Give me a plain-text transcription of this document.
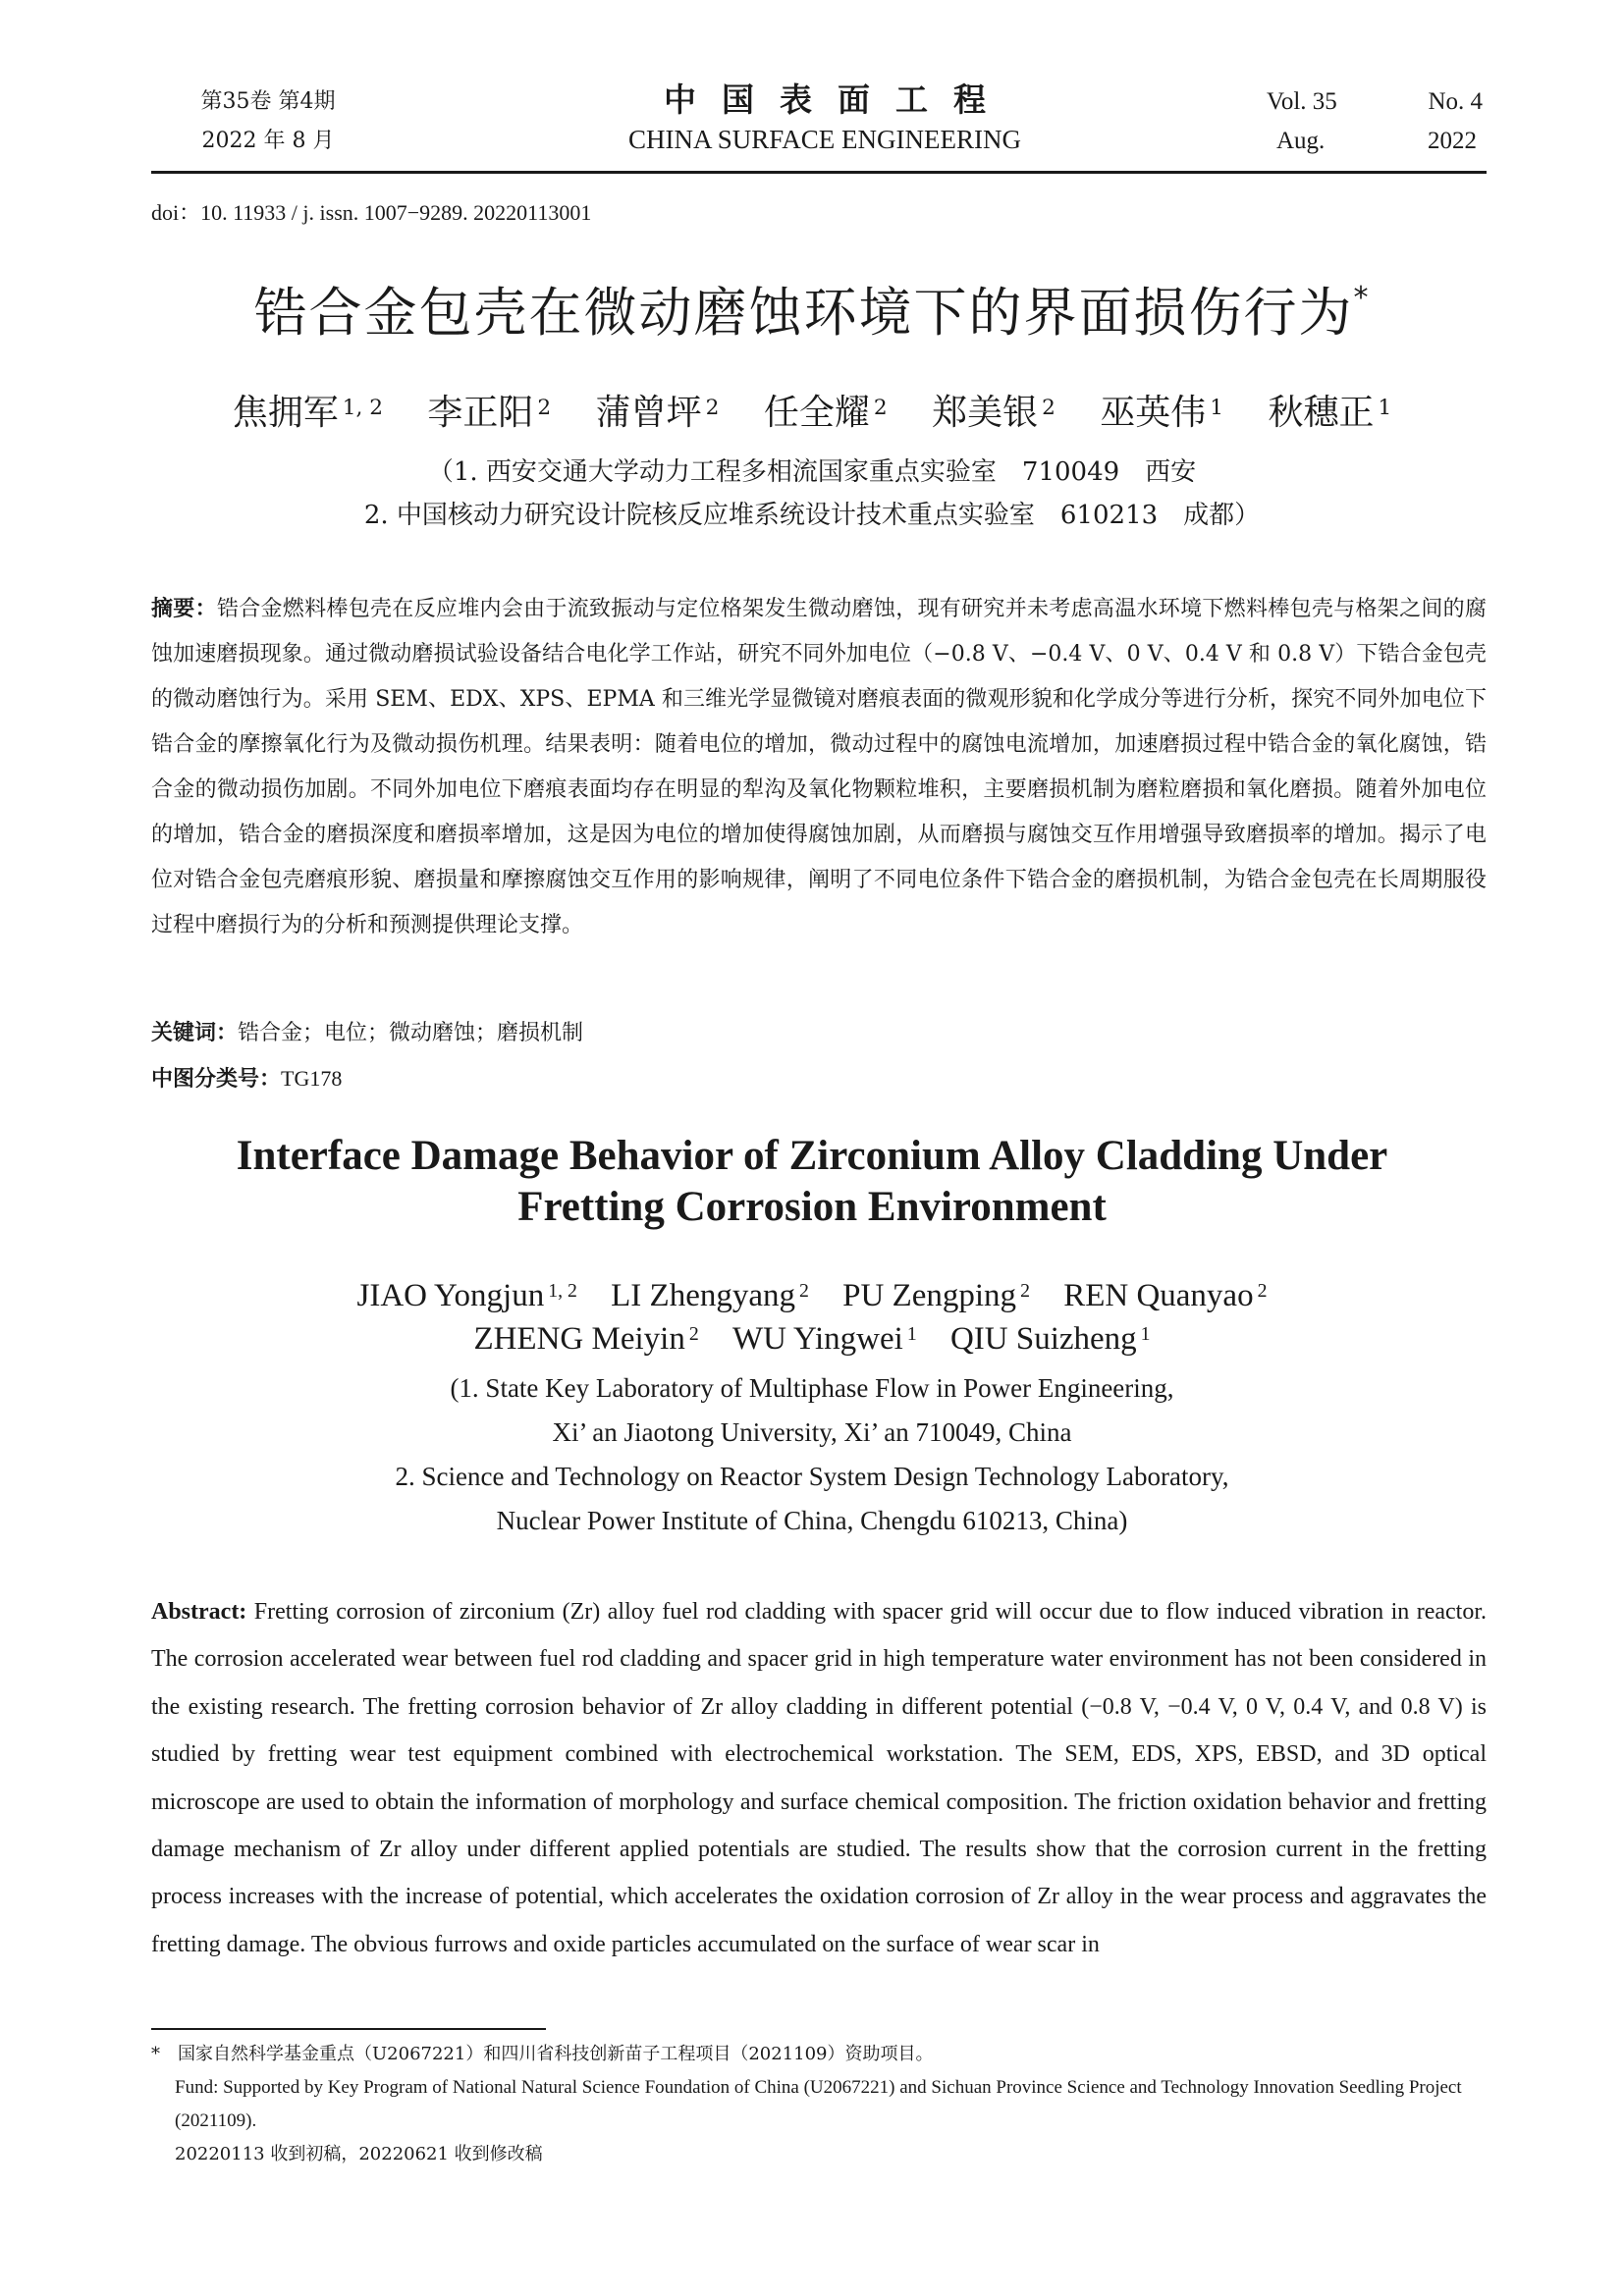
第35卷 第4期
2022 年 8 月
中国表面工程
CHINA SURFACE ENGINEERING
Vol. 35	No. 4
Aug.	2022
doi：10. 11933 / j. issn. 1007−9289. 20220113001
锆合金包壳在微动磨蚀环境下的界面损伤行为*
焦拥军 $^{1, 2}$ 李正阳 $^2$ 蒲曾坪 $^2$ 任全耀 $^2$ 郑美银 $^2$ 巫英伟 $^1$ 秋穗正 $^1$
（1. 西安交通大学动力工程多相流国家重点实验室　710049　西安
2. 中国核动力研究设计院核反应堆系统设计技术重点实验室　610213　成都）
摘要：锆合金燃料棒包壳在反应堆内会由于流致振动与定位格架发生微动磨蚀，现有研究并未考虑高温水环境下燃料棒包壳与格架之间的腐蚀加速磨损现象。通过微动磨损试验设备结合电化学工作站，研究不同外加电位（−0.8 V、−0.4 V、0 V、0.4 V 和 0.8 V）下锆合金包壳的微动磨蚀行为。采用 SEM、EDX、XPS、EPMA 和三维光学显微镜对磨痕表面的微观形貌和化学成分等进行分析，探究不同外加电位下锆合金的摩擦氧化行为及微动损伤机理。结果表明：随着电位的增加，微动过程中的腐蚀电流增加，加速磨损过程中锆合金的氧化腐蚀，锆合金的微动损伤加剧。不同外加电位下磨痕表面均存在明显的犁沟及氧化物颗粒堆积，主要磨损机制为磨粒磨损和氧化磨损。随着外加电位的增加，锆合金的磨损深度和磨损率增加，这是因为电位的增加使得腐蚀加剧，从而磨损与腐蚀交互作用增强导致磨损率的增加。揭示了电位对锆合金包壳磨痕形貌、磨损量和摩擦腐蚀交互作用的影响规律，阐明了不同电位条件下锆合金的磨损机制，为锆合金包壳在长周期服役过程中磨损行为的分析和预测提供理论支撑。
关键词：锆合金；电位；微动磨蚀；磨损机制
中图分类号：TG178
Interface Damage Behavior of Zirconium Alloy Cladding Under
Fretting Corrosion Environment
JIAO Yongjun $^{1, 2}$ LI Zhengyang $^2$ PU Zengping $^2$ REN Quanyao $^2$
ZHENG Meiyin $^2$ WU Yingwei $^1$ QIU Suizheng $^1$
(1. State Key Laboratory of Multiphase Flow in Power Engineering,
Xi’ an Jiaotong University, Xi’ an 710049, China
2. Science and Technology on Reactor System Design Technology Laboratory,
Nuclear Power Institute of China, Chengdu 610213, China)
Abstract: Fretting corrosion of zirconium (Zr) alloy fuel rod cladding with spacer grid will occur due to flow induced vibration in reactor. The corrosion accelerated wear between fuel rod cladding and spacer grid in high temperature water environment has not been considered in the existing research. The fretting corrosion behavior of Zr alloy cladding in different potential (−0.8 V, −0.4 V, 0 V, 0.4 V, and 0.8 V) is studied by fretting wear test equipment combined with electrochemical workstation. The SEM, EDS, XPS, EBSD, and 3D optical microscope are used to obtain the information of morphology and surface chemical composition. The friction oxidation behavior and fretting damage mechanism of Zr alloy under different applied potentials are studied. The results show that the corrosion current in the fretting process increases with the increase of potential, which accelerates the oxidation corrosion of Zr alloy in the wear process and aggravates the fretting damage. The obvious furrows and oxide particles accumulated on the surface of wear scar in
*　国家自然科学基金重点（U2067221）和四川省科技创新苗子工程项目（2021109）资助项目。
Fund: Supported by Key Program of National Natural Science Foundation of China (U2067221) and Sichuan Province Science and Technology Innovation Seedling Project (2021109).
20220113 收到初稿，20220621 收到修改稿
